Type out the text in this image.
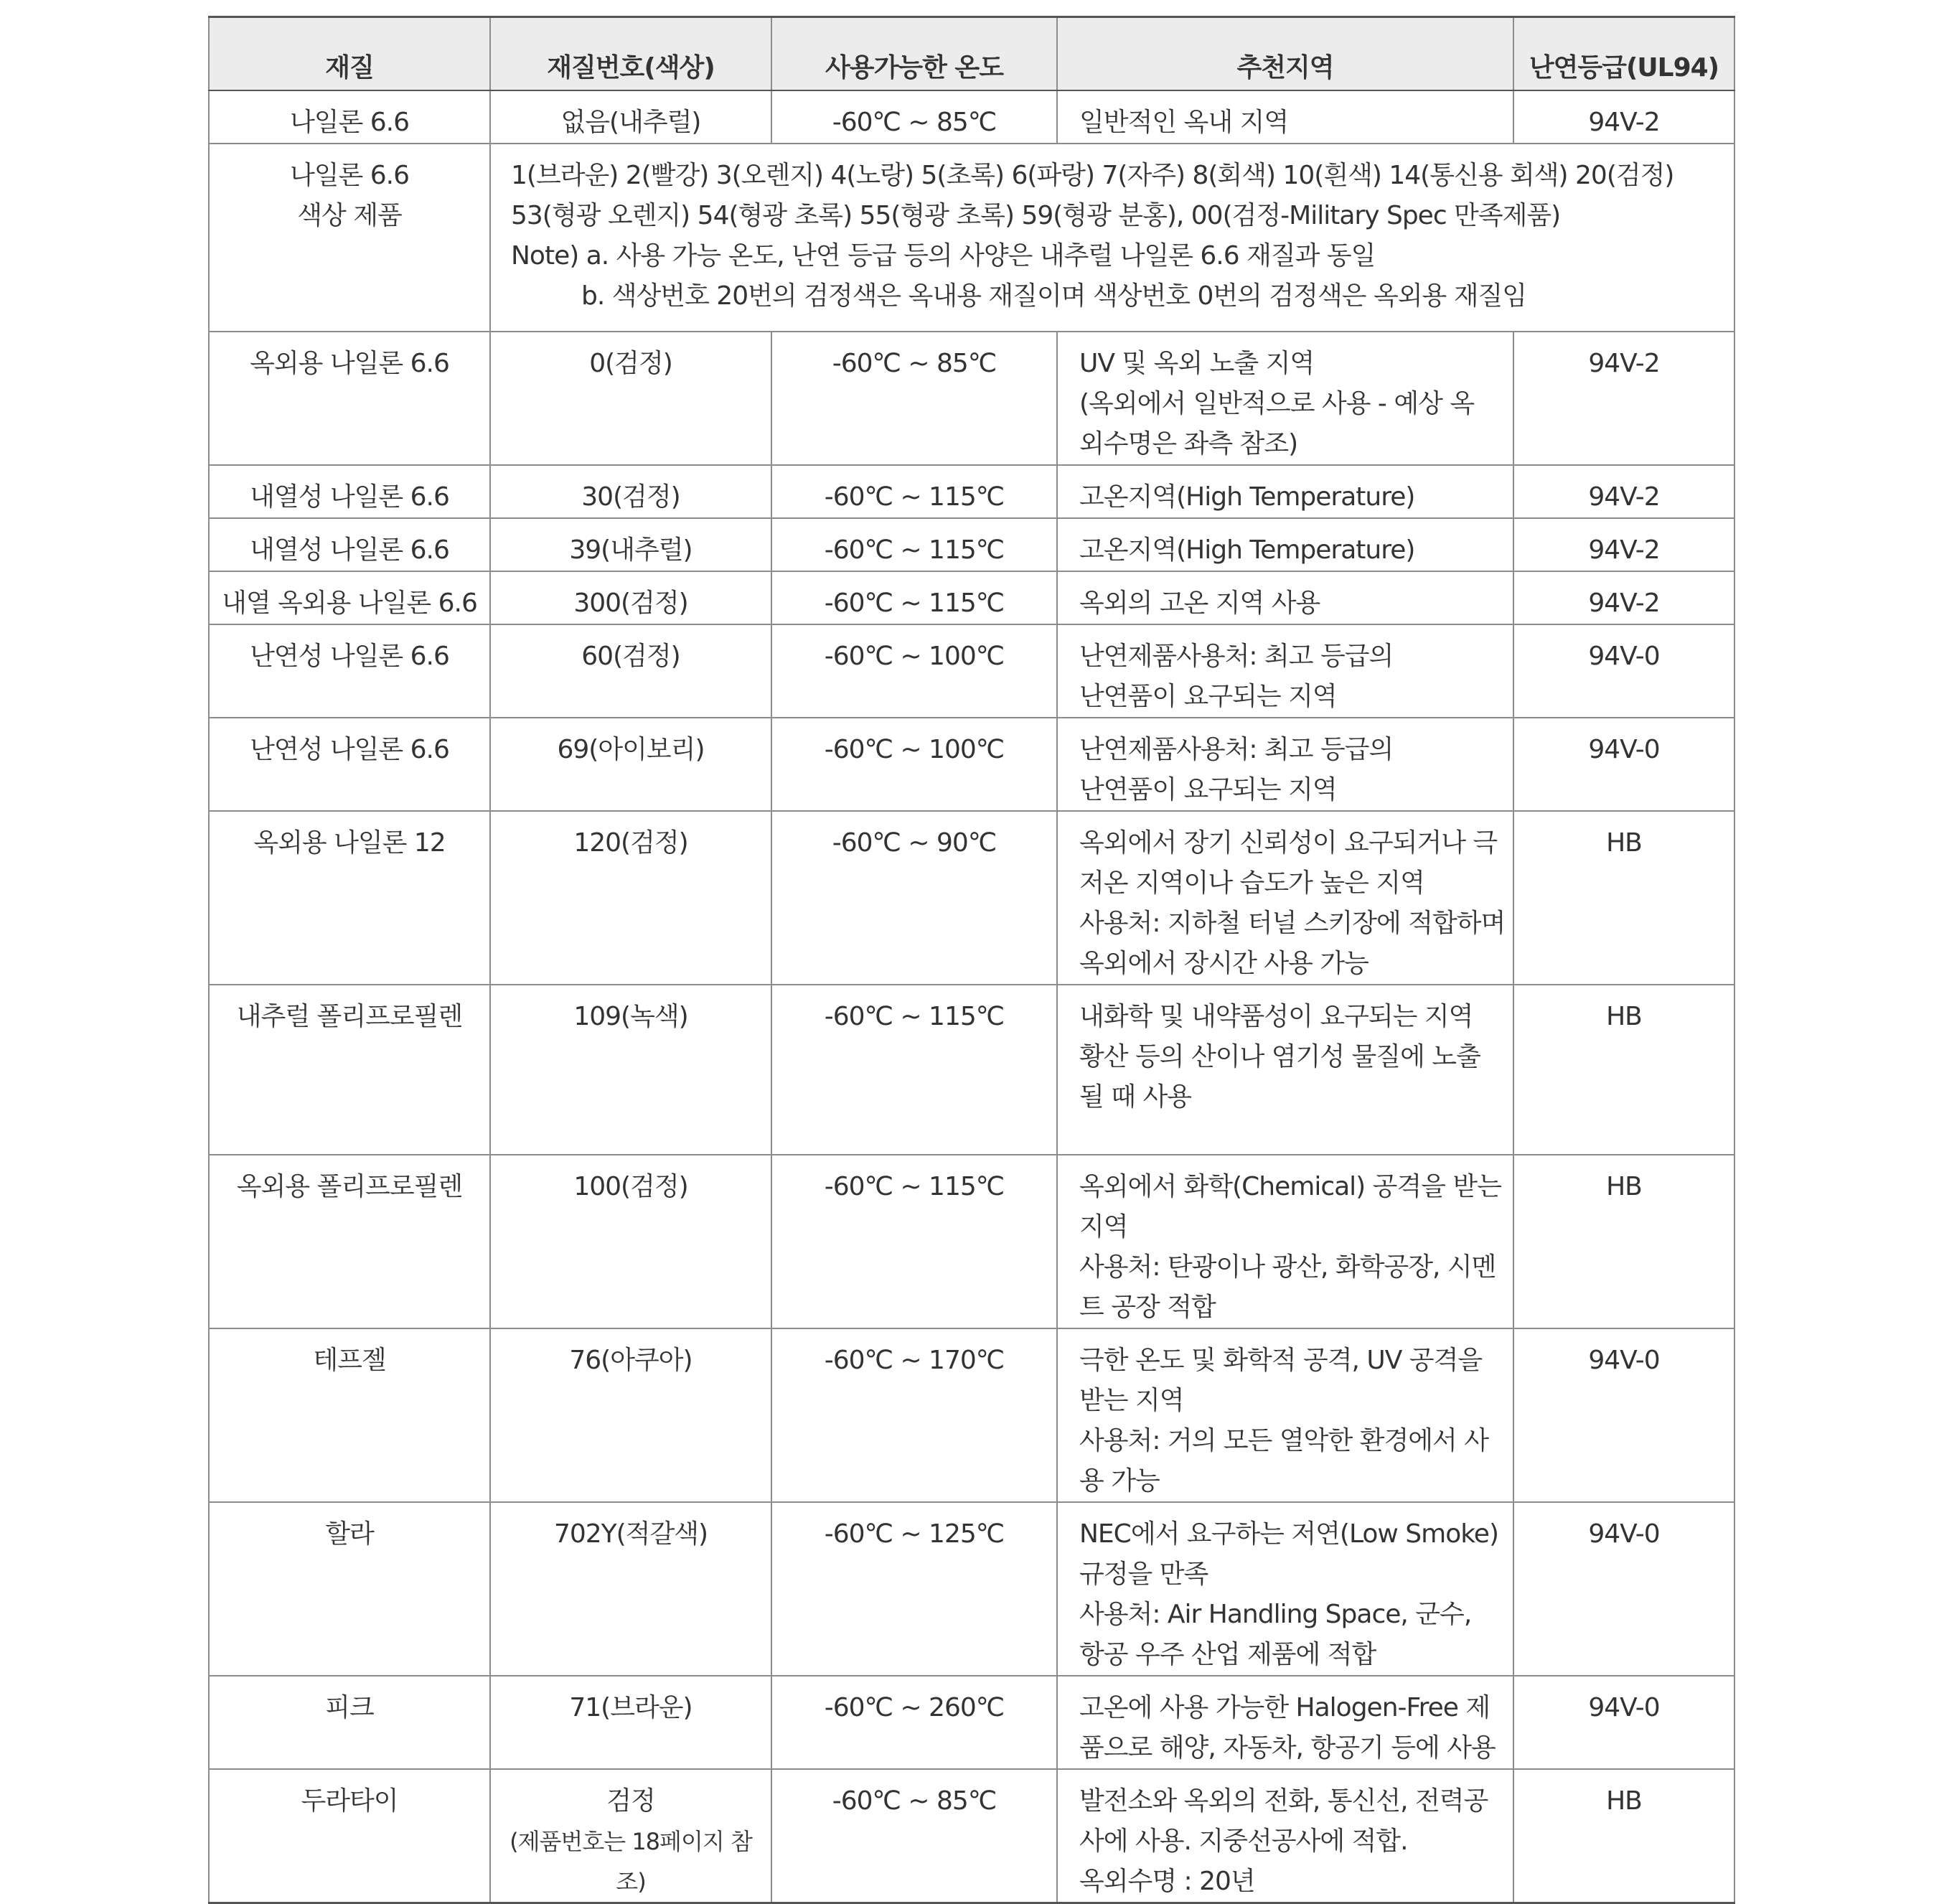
재질	재질번호(색상)	사용가능한 온도	추천지역	난연등급(UL94)

나일론 6.6	없음(내추럴)	-60℃ ~ 85℃	일반적인 옥내 지역	94V-2

나일론 6.6
색상 제품	1(브라운) 2(빨강) 3(오렌지) 4(노랑) 5(초록) 6(파랑) 7(자주) 8(회색) 10(흰색) 14(통신용 회색) 20(검정)
53(형광 오렌지) 54(형광 초록) 55(형광 초록) 59(형광 분홍), 00(검정-Military Spec 만족제품)
Note) a. 사용 가능 온도, 난연 등급 등의 사양은 내추럴 나일론 6.6 재질과 동일
b. 색상번호 20번의 검정색은 옥내용 재질이며 색상번호 0번의 검정색은 옥외용 재질임			

옥외용 나일론 6.6	0(검정)	-60℃ ~ 85℃	UV 및 옥외 노출 지역
(옥외에서 일반적으로 사용 - 예상 옥
외수명은 좌측 참조)	94V-2

내열성 나일론 6.6	30(검정)	-60℃ ~ 115℃	고온지역(High Temperature)	94V-2

내열성 나일론 6.6	39(내추럴)	-60℃ ~ 115℃	고온지역(High Temperature)	94V-2

내열 옥외용 나일론 6.6	300(검정)	-60℃ ~ 115℃	옥외의 고온 지역 사용	94V-2

난연성 나일론 6.6	60(검정)	-60℃ ~ 100℃	난연제품사용처: 최고 등급의
난연품이 요구되는 지역	94V-0

난연성 나일론 6.6	69(아이보리)	-60℃ ~ 100℃	난연제품사용처: 최고 등급의
난연품이 요구되는 지역	94V-0

옥외용 나일론 12	120(검정)	-60℃ ~ 90℃	옥외에서 장기 신뢰성이 요구되거나 극
저온 지역이나 습도가 높은 지역
사용처: 지하철 터널 스키장에 적합하며
옥외에서 장시간 사용 가능	HB

내추럴 폴리프로필렌	109(녹색)	-60℃ ~ 115℃	내화학 및 내약품성이 요구되는 지역
황산 등의 산이나 염기성 물질에 노출
될 때 사용	HB

옥외용 폴리프로필렌	100(검정)	-60℃ ~ 115℃	옥외에서 화학(Chemical) 공격을 받는
지역
사용처: 탄광이나 광산, 화학공장, 시멘
트 공장 적합	HB

테프젤	76(아쿠아)	-60℃ ~ 170℃	극한 온도 및 화학적 공격, UV 공격을
받는 지역
사용처: 거의 모든 열악한 환경에서 사
용 가능	94V-0

할라	702Y(적갈색)	-60℃ ~ 125℃	NEC에서 요구하는 저연(Low Smoke)
규정을 만족
사용처: Air Handling Space, 군수,
항공 우주 산업 제품에 적합	94V-0

피크	71(브라운)	-60℃ ~ 260℃	고온에 사용 가능한 Halogen-Free 제
품으로 해양, 자동차, 항공기 등에 사용	94V-0

두라타이	검정
(제품번호는 18페이지 참조)	-60℃ ~ 85℃	발전소와 옥외의 전화, 통신선, 전력공
사에 사용. 지중선공사에 적합.
옥외수명 : 20년	HB
